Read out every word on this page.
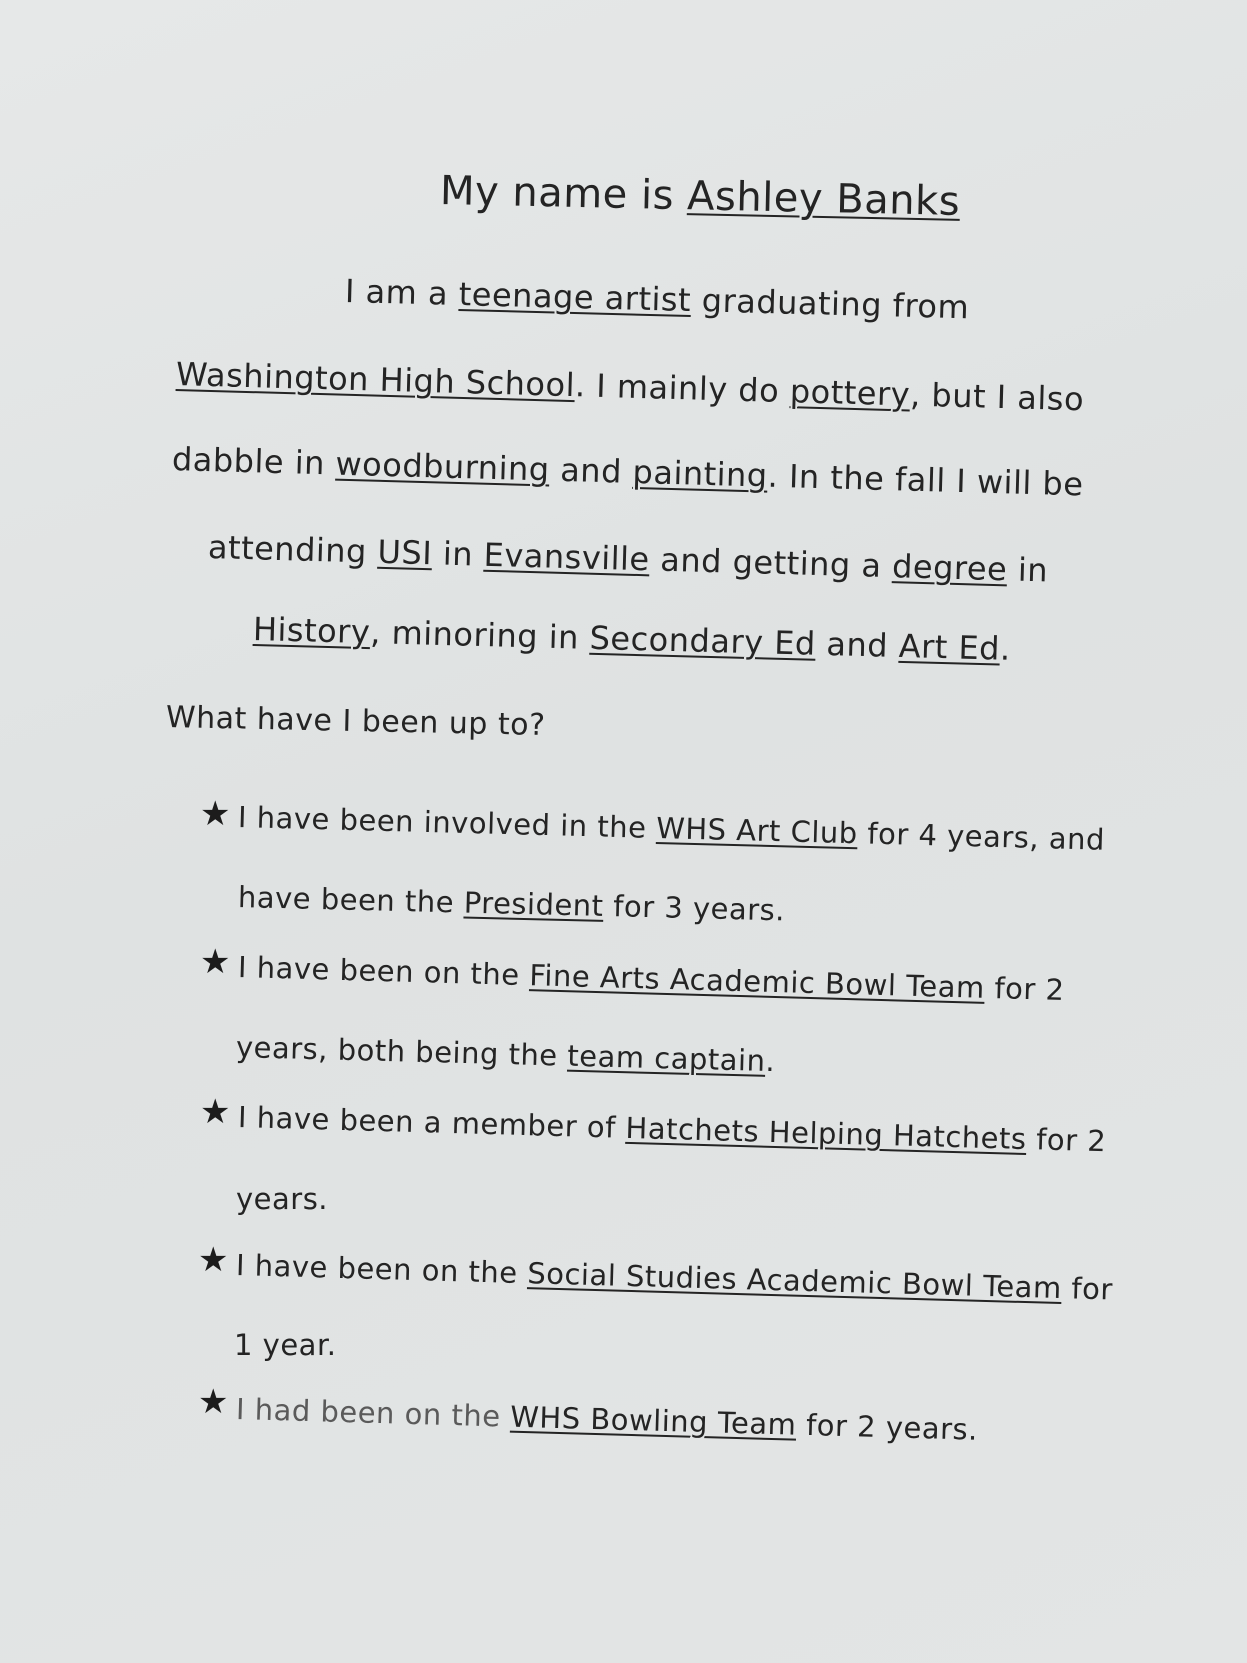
My name is Ashley Banks
I am a teenage artist graduating from
Washington High School. I mainly do pottery, but I also
dabble in woodburning and painting. In the fall I will be
attending USI in Evansville and getting a degree in
History, minoring in Secondary Ed and Art Ed.
What have I been up to?
★ I have been involved in the WHS Art Club for 4 years, and
have been the President for 3 years.
★ I have been on the Fine Arts Academic Bowl Team for 2
years, both being the team captain.
★ I have been a member of Hatchets Helping Hatchets for 2
years.
★ I have been on the Social Studies Academic Bowl Team for
1 year.
★ I had been on the WHS Bowling Team for 2 years.
